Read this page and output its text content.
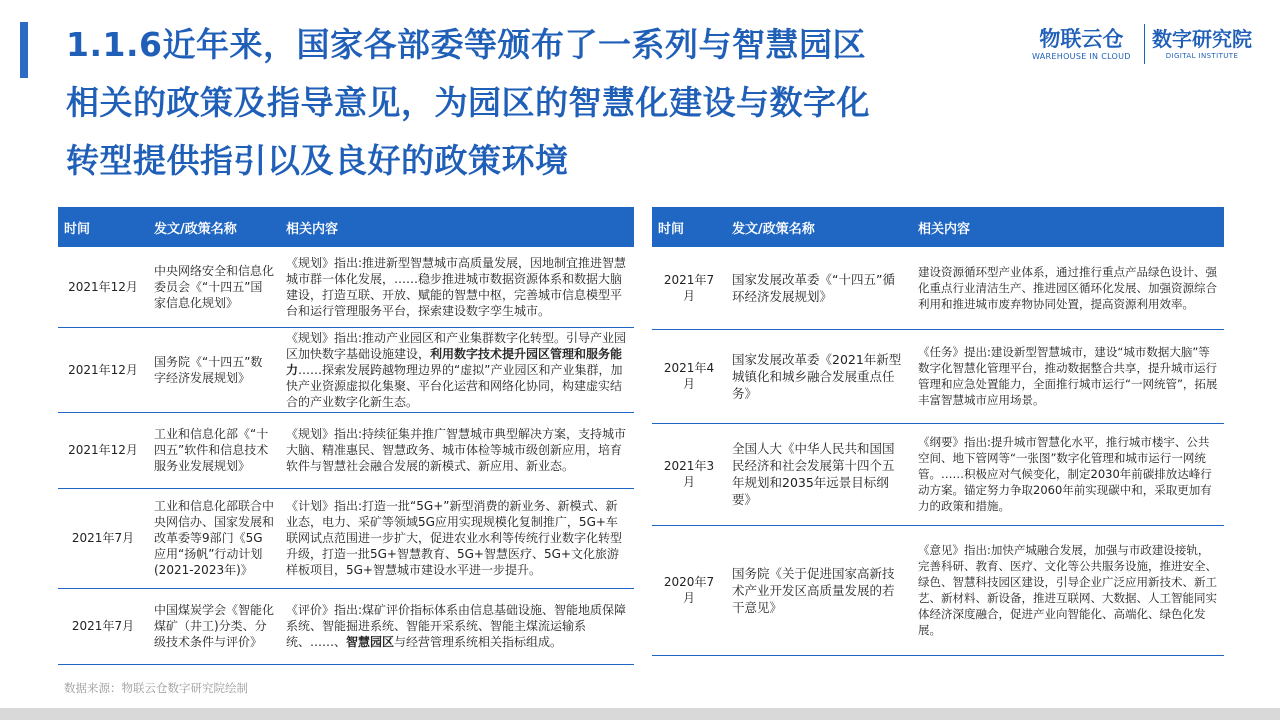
1.1.6近年来，国家各部委等颁布了一系列与智慧园区
相关的政策及指导意见，为园区的智慧化建设与数字化
转型提供指引以及良好的政策环境
物联云仓
WAREHOUSE IN CLOUD
数字研究院
DIGITAL INSTITUTE
时间	发文/政策名称	相关内容
2021年12月	中央网络安全和信息化委员会《“十四五”国家信息化规划》	《规划》指出:推进新型智慧城市高质量发展，因地制宜推进智慧城市群一体化发展，……稳步推进城市数据资源体系和数据大脑建设，打造互联、开放、赋能的智慧中枢，完善城市信息模型平台和运行管理服务平台，探索建设数字孪生城市。
2021年12月	国务院《“十四五”数字经济发展规划》	《规划》指出:推动产业园区和产业集群数字化转型。引导产业园区加快数字基础设施建设，利用数字技术提升园区管理和服务能力……探索发展跨越物理边界的“虚拟”产业园区和产业集群，加快产业资源虚拟化集聚、平台化运营和网络化协同，构建虚实结合的产业数字化新生态。
2021年12月	工业和信息化部《“十四五”软件和信息技术服务业发展规划》	《规划》指出:持续征集并推广智慧城市典型解决方案，支持城市大脑、精准惠民、智慧政务、城市体检等城市级创新应用，培育软件与智慧社会融合发展的新模式、新应用、新业态。
2021年7月	工业和信息化部联合中央网信办、国家发展和改革委等9部门《5G应用“扬帆”行动计划(2021-2023年)》	《计划》指出:打造一批“5G+”新型消费的新业务、新模式、新业态，电力、采矿等领域5G应用实现规模化复制推广，5G+车联网试点范围进一步扩大，促进农业水利等传统行业数字化转型升级，打造一批5G+智慧教育、5G+智慧医疗、5G+文化旅游样板项目，5G+智慧城市建设水平进一步提升。
2021年7月	中国煤炭学会《智能化煤矿（井工)分类、分级技术条件与评价》	《评价》指出:煤矿评价指标体系由信息基础设施、智能地质保障系统、智能掘进系统、智能开采系统、智能主煤流运输系统、……、智慧园区与经营管理系统相关指标组成。
时间	发文/政策名称	相关内容
2021年7月	国家发展改革委《“十四五”循环经济发展规划》	建设资源循环型产业体系，通过推行重点产品绿色设计、强化重点行业清洁生产、推进园区循环化发展、加强资源综合利用和推进城市废弃物协同处置，提高资源利用效率。
2021年4月	国家发展改革委《2021年新型城镇化和城乡融合发展重点任务》	《任务》提出:建设新型智慧城市，建设“城市数据大脑”等数字化智慧化管理平台，推动数据整合共享，提升城市运行管理和应急处置能力，全面推行城市运行“一网统管”，拓展丰富智慧城市应用场景。
2021年3月	全国人大《中华人民共和国国民经济和社会发展第十四个五年规划和2035年远景目标纲要》	《纲要》指出:提升城市智慧化水平，推行城市楼宇、公共空间、地下管网等“一张图”数字化管理和城市运行一网统管。……积极应对气候变化，制定2030年前碳排放达峰行动方案。锚定努力争取2060年前实现碳中和，采取更加有力的政策和措施。
2020年7月	国务院《关于促进国家高新技术产业开发区高质量发展的若干意见》	《意见》指出:加快产城融合发展，加强与市政建设接轨，完善科研、教育、医疗、文化等公共服务设施，推进安全、绿色、智慧科技园区建设，引导企业广泛应用新技术、新工艺、新材料、新设备，推进互联网、大数据、人工智能同实体经济深度融合，促进产业向智能化、高端化、绿色化发展。
数据来源：物联云仓数字研究院绘制
